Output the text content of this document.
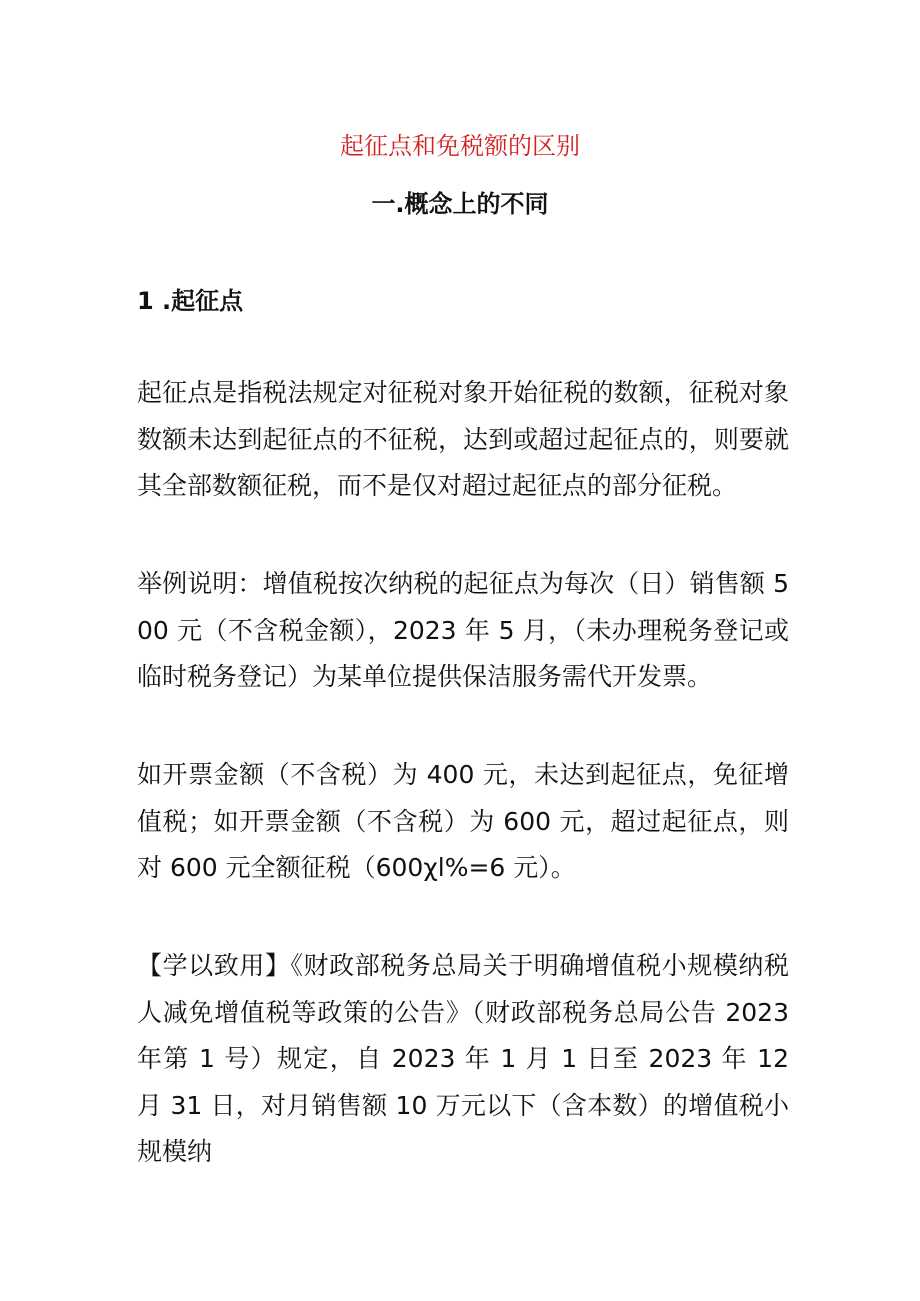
起征点和免税额的区别
一.概念上的不同
1 .起征点

起征点是指税法规定对征税对象开始征税的数额，征税对象数额未达到起征点的不征税，达到或超过起征点的，则要就其全部数额征税，而不是仅对超过起征点的部分征税。

举例说明：增值税按次纳税的起征点为每次（日）销售额 500 元（不含税金额），2023 年 5 月，（未办理税务登记或临时税务登记）为某单位提供保洁服务需代开发票。

如开票金额（不含税）为 400 元，未达到起征点，免征增值税；如开票金额（不含税）为 600 元，超过起征点，则对 600 元全额征税（600χl%=6 元）。

【学以致用】《财政部税务总局关于明确增值税小规模纳税人减免增值税等政策的公告》（财政部税务总局公告 2023 年第 1 号）规定，自 2023 年 1 月 1 日至 2023 年 12 月 31 日，对月销售额 10 万元以下（含本数）的增值税小规模纳
